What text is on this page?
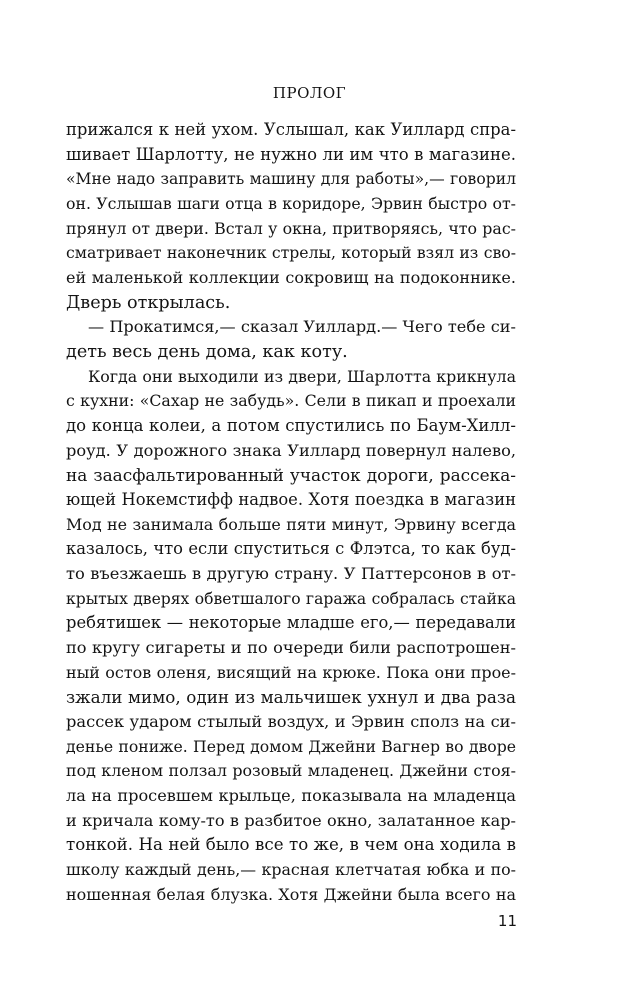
ПРОЛОГ
прижался к ней ухом. Услышал, как Уиллард спра-
шивает Шарлотту, не нужно ли им что в магазине.
«Мне надо заправить машину для работы»,— говорил
он. Услышав шаги отца в коридоре, Эрвин быстро от-
прянул от двери. Встал у окна, притворяясь, что рас-
сматривает наконечник стрелы, который взял из сво-
ей маленькой коллекции сокровищ на подоконнике.
Дверь открылась.
— Прокатимся,— сказал Уиллард.— Чего тебе си-
деть весь день дома, как коту.
Когда они выходили из двери, Шарлотта крикнула
с кухни: «Сахар не забудь». Сели в пикап и проехали
до конца колеи, а потом спустились по Баум-Хилл-
роуд. У дорожного знака Уиллард повернул налево,
на заасфальтированный участок дороги, рассека-
ющей Нокемстифф надвое. Хотя поездка в магазин
Мод не занимала больше пяти минут, Эрвину всегда
казалось, что если спуститься с Флэтса, то как буд-
то въезжаешь в другую страну. У Паттерсонов в от-
крытых дверях обветшалого гаража собралась стайка
ребятишек — некоторые младше его,— передавали
по кругу сигареты и по очереди били распотрошен-
ный остов оленя, висящий на крюке. Пока они прое-
зжали мимо, один из мальчишек ухнул и два раза
рассек ударом стылый воздух, и Эрвин сполз на си-
денье пониже. Перед домом Джейни Вагнер во дворе
под кленом ползал розовый младенец. Джейни стоя-
ла на просевшем крыльце, показывала на младенца
и кричала кому-то в разбитое окно, залатанное кар-
тонкой. На ней было все то же, в чем она ходила в
школу каждый день,— красная клетчатая юбка и по-
ношенная белая блузка. Хотя Джейни была всего на
11
